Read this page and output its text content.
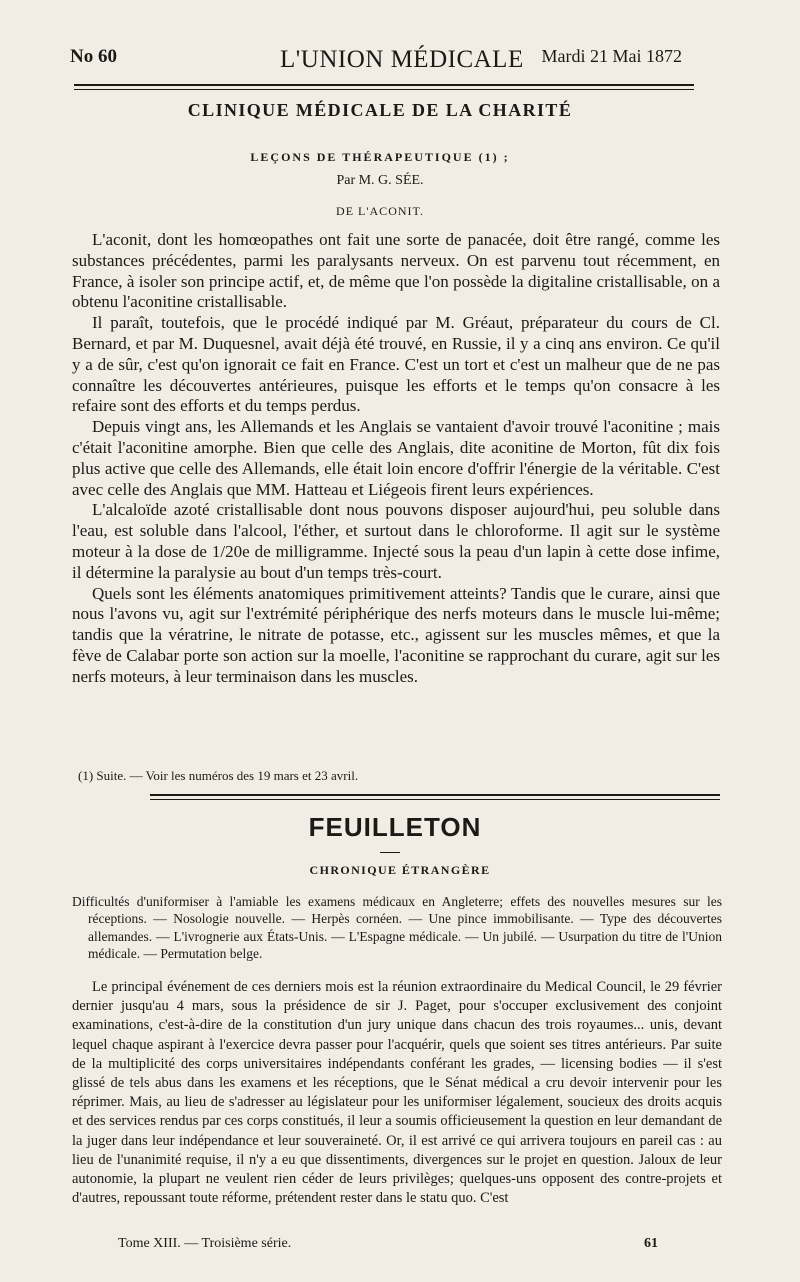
No 60	L'UNION MÉDICALE Mardi 21 Mai 1872
CLINIQUE MÉDICALE DE LA CHARITÉ
LEÇONS DE THÉRAPEUTIQUE (1) ;
Par M. G. SÉE.
DE L'ACONIT.

L'aconit, dont les homœopathes ont fait une sorte de panacée, doit être rangé, comme les substances précédentes, parmi les paralysants nerveux. On est parvenu tout récemment, en France, à isoler son principe actif, et, de même que l'on possède la digitaline cristallisable, on a obtenu l'aconitine cristallisable.

Il paraît, toutefois, que le procédé indiqué par M. Gréaut, préparateur du cours de Cl. Bernard, et par M. Duquesnel, avait déjà été trouvé, en Russie, il y a cinq ans environ. Ce qu'il y a de sûr, c'est qu'on ignorait ce fait en France. C'est un tort et c'est un malheur que de ne pas connaître les découvertes antérieures, puisque les efforts et le temps qu'on consacre à les refaire sont des efforts et du temps perdus.

Depuis vingt ans, les Allemands et les Anglais se vantaient d'avoir trouvé l'aconitine ; mais c'était l'aconitine amorphe. Bien que celle des Anglais, dite aconitine de Morton, fût dix fois plus active que celle des Allemands, elle était loin encore d'offrir l'énergie de la véritable. C'est avec celle des Anglais que MM. Hatteau et Liégeois firent leurs expériences.

L'alcaloïde azoté cristallisable dont nous pouvons disposer aujourd'hui, peu soluble dans l'eau, est soluble dans l'alcool, l'éther, et surtout dans le chloroforme. Il agit sur le système moteur à la dose de 1/20e de milligramme. Injecté sous la peau d'un lapin à cette dose infime, il détermine la paralysie au bout d'un temps très-court.

Quels sont les éléments anatomiques primitivement atteints? Tandis que le curare, ainsi que nous l'avons vu, agit sur l'extrémité périphérique des nerfs moteurs dans le muscle lui-même; tandis que la vératrine, le nitrate de potasse, etc., agissent sur les muscles mêmes, et que la fève de Calabar porte son action sur la moelle, l'aconitine se rapprochant du curare, agit sur les nerfs moteurs, à leur terminaison dans les muscles.

(1) Suite. — Voir les numéros des 19 mars et 23 avril.
FEUILLETON
CHRONIQUE ÉTRANGÈRE

Difficultés d'uniformiser à l'amiable les examens médicaux en Angleterre; effets des nouvelles mesures sur les réceptions. — Nosologie nouvelle. — Herpès cornéen. — Une pince immobilisante. — Type des découvertes allemandes. — L'ivrognerie aux États-Unis. — L'Espagne médicale. — Un jubilé. — Usurpation du titre de l'Union médicale. — Permutation belge.

Le principal événement de ces derniers mois est la réunion extraordinaire du Medical Council, le 29 février dernier jusqu'au 4 mars, sous la présidence de sir J. Paget, pour s'occuper exclusivement des conjoint examinations, c'est-à-dire de la constitution d'un jury unique dans chacun des trois royaumes... unis, devant lequel chaque aspirant à l'exercice devra passer pour l'acquérir, quels que soient ses titres antérieurs. Par suite de la multiplicité des corps universitaires indépendants conférant les grades, — licensing bodies — il s'est glissé de tels abus dans les examens et les réceptions, que le Sénat médical a cru devoir intervenir pour les réprimer. Mais, au lieu de s'adresser au législateur pour les uniformiser légalement, soucieux des droits acquis et des services rendus par ces corps constitués, il leur a soumis officieusement la question en leur demandant de la juger dans leur indépendance et leur souveraineté. Or, il est arrivé ce qui arrivera toujours en pareil cas : au lieu de l'unanimité requise, il n'y a eu que dissentiments, divergences sur le projet en question. Jaloux de leur autonomie, la plupart ne veulent rien céder de leurs privilèges; quelques-uns opposent des contre-projets et d'autres, repoussant toute réforme, prétendent rester dans le statu quo. C'est

Tome XIII. — Troisième série.	61
